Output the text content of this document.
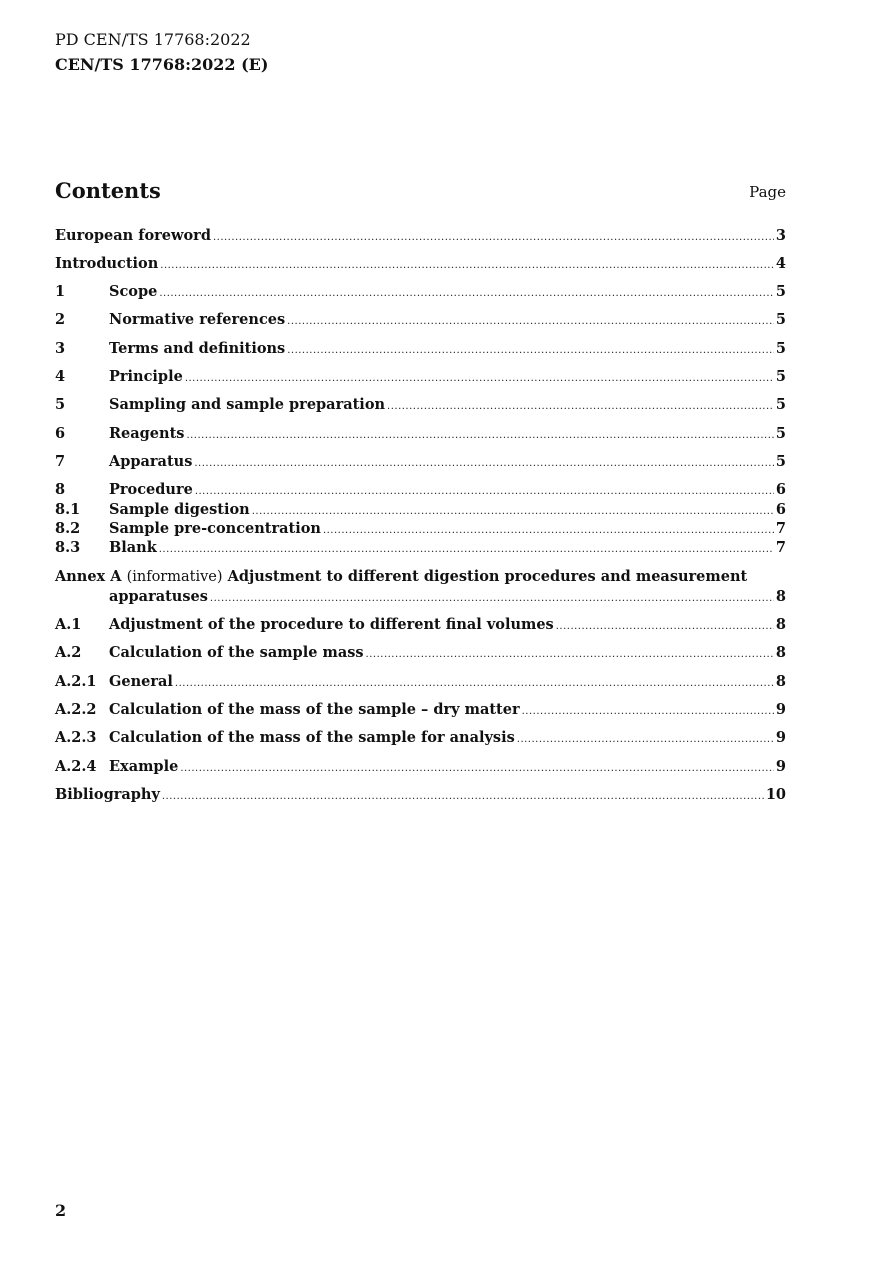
PD CEN/TS 17768:2022
CEN/TS 17768:2022 (E)
Contents	Page
European foreword .....	3
Introduction .....	4
1	Scope .....	5
2	Normative references .....	5
3	Terms and definitions .....	5
4	Principle .....	5
5	Sampling and sample preparation .....	5
6	Reagents .....	5
7	Apparatus .....	5
8	Procedure .....	6
8.1	Sample digestion .....	6
8.2	Sample pre-concentration .....	7
8.3	Blank .....	7
Annex A (informative) Adjustment to different digestion procedures and measurement
apparatuses .....	8
A.1	Adjustment of the procedure to different final volumes .....	8
A.2	Calculation of the sample mass .....	8
A.2.1 General .....	8
A.2.2 Calculation of the mass of the sample – dry matter .....	9
A.2.3 Calculation of the mass of the sample for analysis .....	9
A.2.4 Example .....	9
Bibliography .....	10
2
